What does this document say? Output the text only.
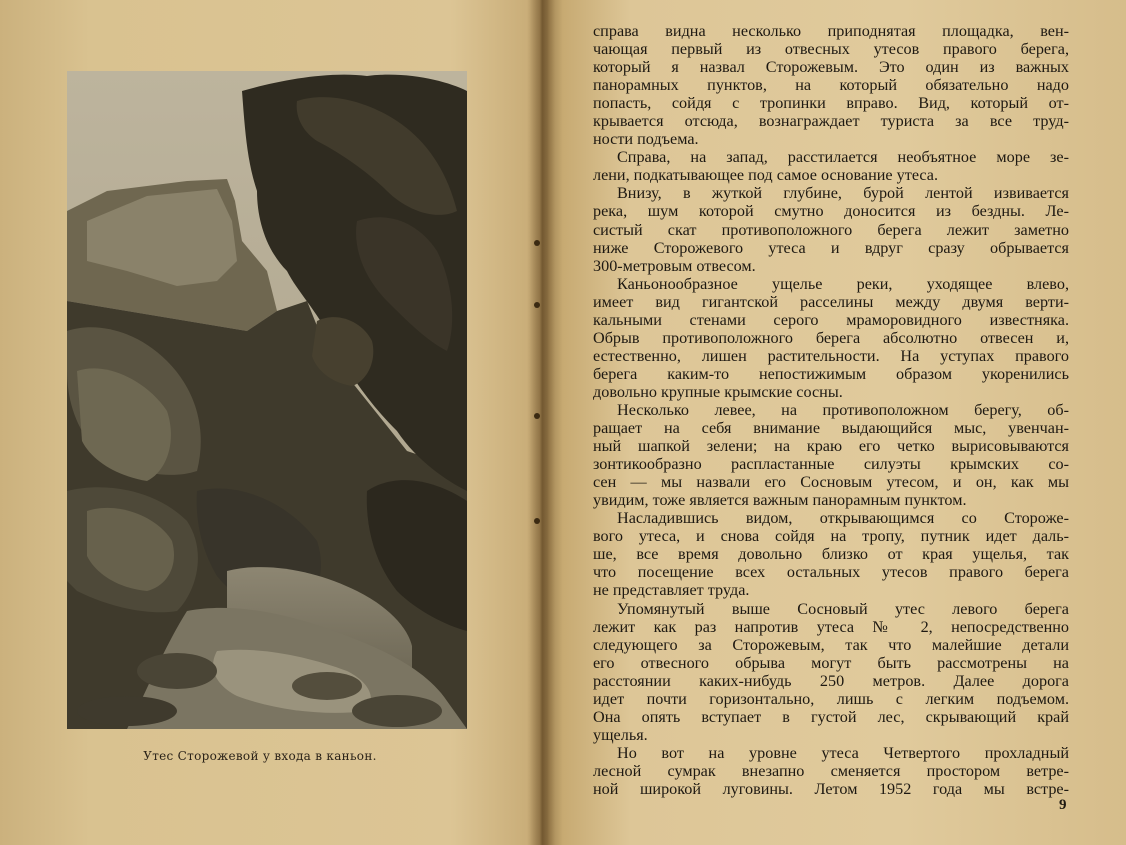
Утес Сторожевой у входа в каньон.
справа видна несколько приподнятая площадка, вен-
чающая первый из отвесных утесов правого берега,
который я назвал Сторожевым. Это один из важных
панорамных пунктов, на который обязательно надо
попасть, сойдя с тропинки вправо. Вид, который от-
крывается отсюда, вознаграждает туриста за все труд-
ности подъема.
Справа, на запад, расстилается необъятное море зе-
лени, подкатывающее под самое основание утеса.
Внизу, в жуткой глубине, бурой лентой извивается
река, шум которой смутно доносится из бездны. Ле-
систый скат противоположного берега лежит заметно
ниже Сторожевого утеса и вдруг сразу обрывается
300-метровым отвесом.
Каньонообразное ущелье реки, уходящее влево,
имеет вид гигантской расселины между двумя верти-
кальными стенами серого мраморовидного известняка.
Обрыв противоположного берега абсолютно отвесен и,
естественно, лишен растительности. На уступах правого
берега каким-то непостижимым образом укоренились
довольно крупные крымские сосны.
Несколько левее, на противоположном берегу, об-
ращает на себя внимание выдающийся мыс, увенчан-
ный шапкой зелени; на краю его четко вырисовываются
зонтикообразно распластанные силуэты крымских со-
сен — мы назвали его Сосновым утесом, и он, как мы
увидим, тоже является важным панорамным пунктом.
Насладившись видом, открывающимся со Стороже-
вого утеса, и снова сойдя на тропу, путник идет даль-
ше, все время довольно близко от края ущелья, так
что посещение всех остальных утесов правого берега
не представляет труда.
Упомянутый выше Сосновый утес левого берега
лежит как раз напротив утеса № 2, непосредственно
следующего за Сторожевым, так что малейшие детали
его отвесного обрыва могут быть рассмотрены на
расстоянии каких-нибудь 250 метров. Далее дорога
идет почти горизонтально, лишь с легким подъемом.
Она опять вступает в густой лес, скрывающий край
ущелья.
Но вот на уровне утеса Четвертого прохладный
лесной сумрак внезапно сменяется простором ветре-
ной широкой луговины. Летом 1952 года мы встре-
9
